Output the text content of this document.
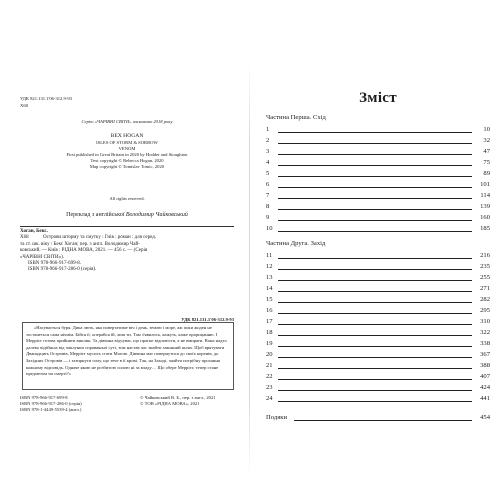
УДК 821.131.1'06-312.9-93
Х68
Серію «ЧАРІВНІ СВІТИ» засновано 2018 року
BEX HOGAN
ISLES OF STORM & SORROW
VENOM
First published in Great Britain in 2020 by Hodder and Stoughton
Text copyright © Rebecca Hogan, 2020
Map copyright © Tomislav Tomic, 2020
All rights reserved.
Переклад з англійської Володимир Чайковський
Хоган, Бекс.
Х68	Острови шторму та смутку : Гнів : роман : для серед.
та ст. шк. віку / Бекс Хоган; пер. з англ. Володимир Чай-
ковський. — Київ : РІДНА МОВА, 2021. — 456 с. — (Серія
«ЧАРІВНІ СВІТИ»).
ISBN 978-966-917-699-8.
ISBN 978-966-917-286-0 (серія).
«Насувається буря. Дика лють, яка повертатиме віч і день, землю і море, аж поки жоден не зостанеться сама нічиїм. Бійся її, операйся їй, лиш ти. Там з'явилось, кажуть, каже прорицанню. І Меррієт готова прийняти виклик. Та дівчина відчуває, що прагне відповісти, а не вмирати. Вона надто далеко відійшла від чаклунки справжньої суті, тож настав час знайти законний шлях. Щоб врятувати Дванадцять Островів, Меррієт мусить стати Магою. Дівчина має повернутися до своїх коренів, до Західних Островів — і зазирнути силу, що тече в її крові. Так, на Заході, знайти потрібну прохання кожному відповідь. Одначе якою не розбитою силою ні за владу… Що оберe Меррієт, тепер стане предметом чи смерті?»
УДК 821.131.1'06-312.9-93
ISBN 978-966-917-699-8
ISBN 978-966-917-286-0 (серія)
ISBN 978-1-4449-5539-4 (англ.)
© Чайковський В. Б., пер. з англ., 2021
© ТОВ «РІДНА МОВА», 2021
Зміст
Частина Перша. Схід
1	10
2	32
3	47
4	75
5	89
6	101
7	114
8	139
9	160
10	185
Частина Друга. Захід
11	216
12	235
13	255
14	271
15	282
16	295
17	310
18	322
19	338
20	367
21	388
22	407
23	424
24	441
Подяки	454
